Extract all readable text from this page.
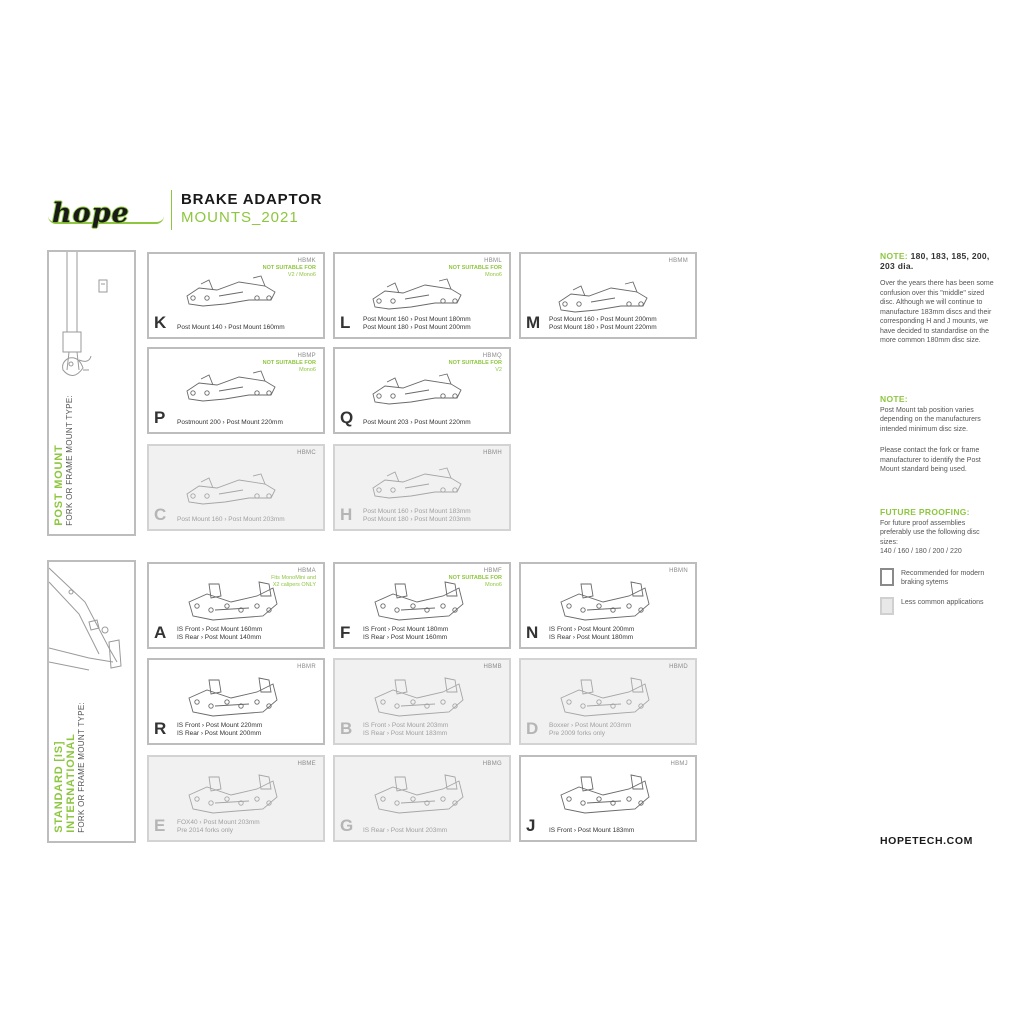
hope	BRAKE ADAPTOR
MOUNTS_2021
POST MOUNT FORK OR FRAME MOUNT TYPE:
STANDARD [IS] INTERNATIONAL FORK OR FRAME MOUNT TYPE:
HBMK
NOT SUITABLE FOR
V2 / Mono6
K Post Mount 140 › Post Mount 160mm
HBML
NOT SUITABLE FOR
Mono6
L Post Mount 160 › Post Mount 180mm
Post Mount 180 › Post Mount 200mm
HBMM
M Post Mount 160 › Post Mount 200mm
Post Mount 180 › Post Mount 220mm
HBMP
NOT SUITABLE FOR
Mono6
P Postmount 200 › Post Mount 220mm
HBMQ
NOT SUITABLE FOR
V2
Q Post Mount 203 › Post Mount 220mm
HBMC
C Post Mount 160 › Post Mount 203mm
HBMH
H Post Mount 160 › Post Mount 183mm
Post Mount 180 › Post Mount 203mm
HBMA
Fits MonoMini and
X2 calipers ONLY
A IS Front › Post Mount 160mm
IS Rear › Post Mount 140mm
HBMF
NOT SUITABLE FOR
Mono6
F IS Front › Post Mount 180mm
IS Rear › Post Mount 160mm
HBMN
N IS Front › Post Mount 200mm
IS Rear › Post Mount 180mm
HBMR
R IS Front › Post Mount 220mm
IS Rear › Post Mount 200mm
HBMB
B IS Front › Post Mount 203mm
IS Rear › Post Mount 183mm
HBMD
D Boxxer › Post Mount 203mm
Pre 2009 forks only
HBME
E FOX40 › Post Mount 203mm
Pre 2014 forks only
HBMG
G IS Rear › Post Mount 203mm
HBMJ
J IS Front › Post Mount 183mm
NOTE: 180, 183, 185, 200, 203 dia.

Over the years there has been some confusion over this "middle" sized disc. Although we will continue to manufacture 183mm discs and their corresponding H and J mounts, we have decided to standardise on the more common 180mm disc size.

NOTE:

Post Mount tab position varies depending on the manufacturers intended minimum disc size.

Please contact the fork or frame manufacturer to identify the Post Mount standard being used.

FUTURE PROOFING:

For future proof assemblies preferably use the following disc sizes:

140 / 160 / 180 / 200 / 220

Recommended for modern braking sytems
Less common applications
HOPETECH.COM
